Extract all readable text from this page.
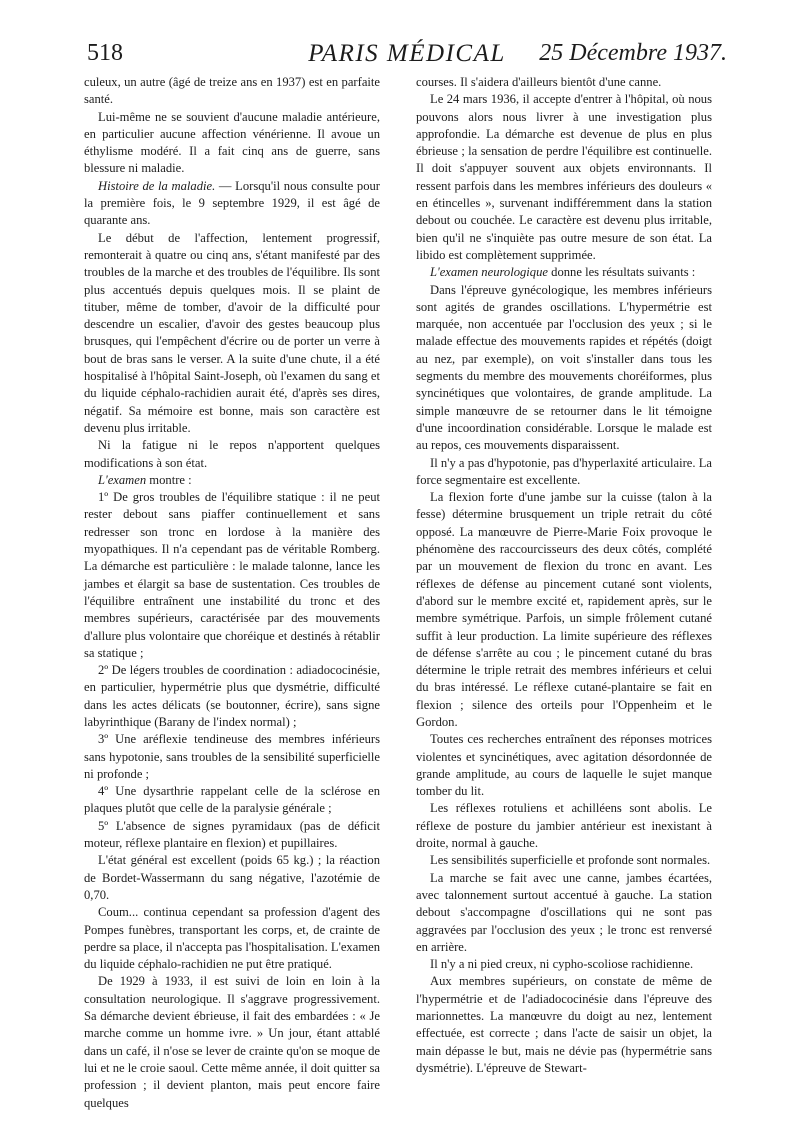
518	PARIS MÉDICAL	25 Décembre 1937.

culeux, un autre (âgé de treize ans en 1937) est en parfaite santé.

Lui-même ne se souvient d'aucune maladie antérieure, en particulier aucune affection vénérienne. Il avoue un éthylisme modéré. Il a fait cinq ans de guerre, sans blessure ni maladie.

Histoire de la maladie. — Lorsqu'il nous consulte pour la première fois, le 9 septembre 1929, il est âgé de quarante ans.

Le début de l'affection, lentement progressif, remonterait à quatre ou cinq ans, s'étant manifesté par des troubles de la marche et des troubles de l'équilibre. Ils sont plus accentués depuis quelques mois. Il se plaint de tituber, même de tomber, d'avoir de la difficulté pour descendre un escalier, d'avoir des gestes beaucoup plus brusques, qui l'empêchent d'écrire ou de porter un verre à bout de bras sans le verser. A la suite d'une chute, il a été hospitalisé à l'hôpital Saint-Joseph, où l'examen du sang et du liquide céphalo-rachidien aurait été, d'après ses dires, négatif. Sa mémoire est bonne, mais son caractère est devenu plus irritable.

Ni la fatigue ni le repos n'apportent quelques modifications à son état.

L'examen montre :

1º De gros troubles de l'équilibre statique : il ne peut rester debout sans piaffer continuellement et sans redresser son tronc en lordose à la manière des myopathiques. Il n'a cependant pas de véritable Romberg. La démarche est particulière : le malade talonne, lance les jambes et élargit sa base de sustentation. Ces troubles de l'équilibre entraînent une instabilité du tronc et des membres supérieurs, caractérisée par des mouvements d'allure plus volontaire que choréique et destinés à rétablir sa statique ;

2º De légers troubles de coordination : adiadococinésie, en particulier, hypermétrie plus que dysmétrie, difficulté dans les actes délicats (se boutonner, écrire), sans signe labyrinthique (Barany de l'index normal) ;

3º Une aréflexie tendineuse des membres inférieurs sans hypotonie, sans troubles de la sensibilité superficielle ni profonde ;

4º Une dysarthrie rappelant celle de la sclérose en plaques plutôt que celle de la paralysie générale ;

5º L'absence de signes pyramidaux (pas de déficit moteur, réflexe plantaire en flexion) et pupillaires.

L'état général est excellent (poids 65 kg.) ; la réaction de Bordet-Wassermann du sang négative, l'azotémie de 0,70.

Coum... continua cependant sa profession d'agent des Pompes funèbres, transportant les corps, et, de crainte de perdre sa place, il n'accepta pas l'hospitalisation. L'examen du liquide céphalo-rachidien ne put être pratiqué.

De 1929 à 1933, il est suivi de loin en loin à la consultation neurologique. Il s'aggrave progressivement. Sa démarche devient ébrieuse, il fait des embardées : « Je marche comme un homme ivre. » Un jour, étant attablé dans un café, il n'ose se lever de crainte qu'on se moque de lui et ne le croie saoul. Cette même année, il doit quitter sa profession ; il devient planton, mais peut encore faire quelques

courses. Il s'aidera d'ailleurs bientôt d'une canne.

Le 24 mars 1936, il accepte d'entrer à l'hôpital, où nous pouvons alors nous livrer à une investigation plus approfondie. La démarche est devenue de plus en plus ébrieuse ; la sensation de perdre l'équilibre est continuelle. Il doit s'appuyer souvent aux objets environnants. Il ressent parfois dans les membres inférieurs des douleurs « en étincelles », survenant indifféremment dans la station debout ou couchée. Le caractère est devenu plus irritable, bien qu'il ne s'inquiète pas outre mesure de son état. La libido est complètement supprimée.

L'examen neurologique donne les résultats suivants :

Dans l'épreuve gynécologique, les membres inférieurs sont agités de grandes oscillations. L'hypermétrie est marquée, non accentuée par l'occlusion des yeux ; si le malade effectue des mouvements rapides et répétés (doigt au nez, par exemple), on voit s'installer dans tous les segments du membre des mouvements choréiformes, plus syncinétiques que volontaires, de grande amplitude. La simple manœuvre de se retourner dans le lit témoigne d'une incoordination considérable. Lorsque le malade est au repos, ces mouvements disparaissent.

Il n'y a pas d'hypotonie, pas d'hyperlaxité articulaire. La force segmentaire est excellente.

La flexion forte d'une jambe sur la cuisse (talon à la fesse) détermine brusquement un triple retrait du côté opposé. La manœuvre de Pierre-Marie Foix provoque le phénomène des raccourcisseurs des deux côtés, complété par un mouvement de flexion du tronc en avant. Les réflexes de défense au pincement cutané sont violents, d'abord sur le membre excité et, rapidement après, sur le membre symétrique. Parfois, un simple frôlement cutané suffit à leur production. La limite supérieure des réflexes de défense s'arrête au cou ; le pincement cutané du bras détermine le triple retrait des membres inférieurs et celui du bras intéressé. Le réflexe cutané-plantaire se fait en flexion ; silence des orteils pour l'Oppenheim et le Gordon.

Toutes ces recherches entraînent des réponses motrices violentes et syncinétiques, avec agitation désordonnée de grande amplitude, au cours de laquelle le sujet manque tomber du lit.

Les réflexes rotuliens et achilléens sont abolis. Le réflexe de posture du jambier antérieur est inexistant à droite, normal à gauche.

Les sensibilités superficielle et profonde sont normales.

La marche se fait avec une canne, jambes écartées, avec talonnement surtout accentué à gauche. La station debout s'accompagne d'oscillations qui ne sont pas aggravées par l'occlusion des yeux ; le tronc est renversé en arrière.

Il n'y a ni pied creux, ni cypho-scoliose rachidienne.

Aux membres supérieurs, on constate de même de l'hypermétrie et de l'adiadococinésie dans l'épreuve des marionnettes. La manœuvre du doigt au nez, lentement effectuée, est correcte ; dans l'acte de saisir un objet, la main dépasse le but, mais ne dévie pas (hypermétrie sans dysmétrie). L'épreuve de Stewart-
